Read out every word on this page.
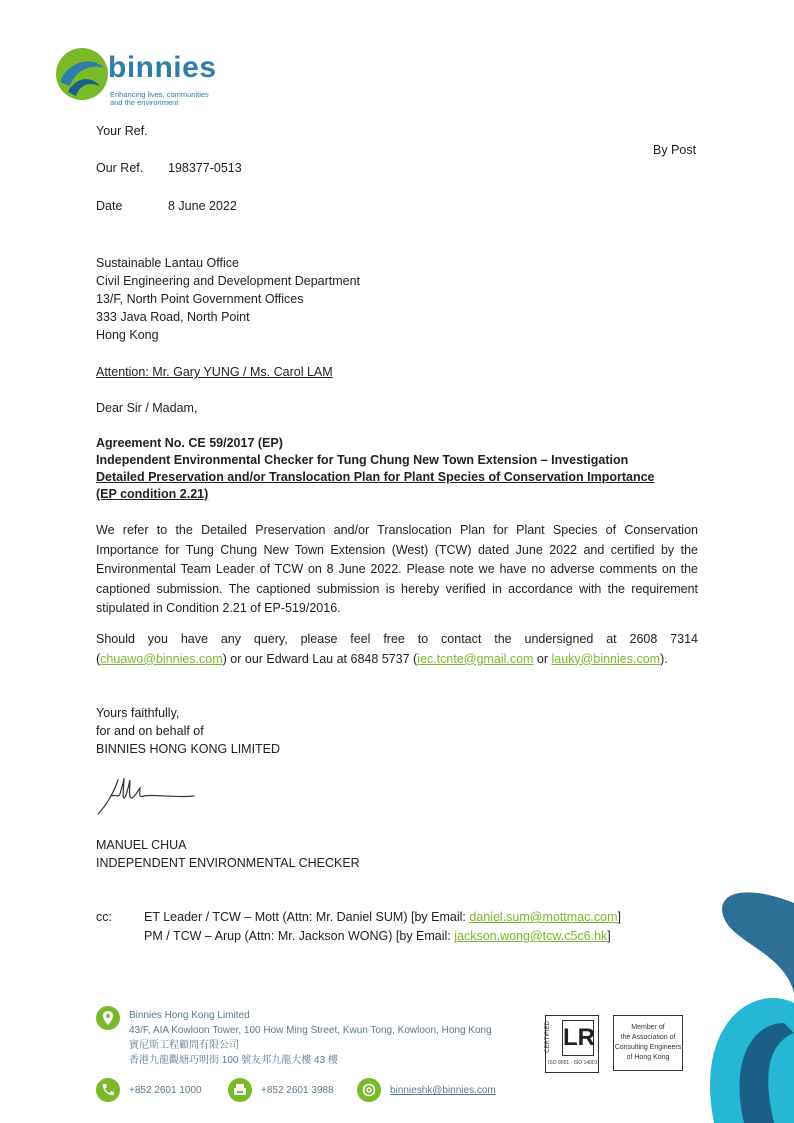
binnies
Enhancing lives, communities
and the environment
Your Ref.
By Post
Our Ref. 198377-0513
Date	8 June 2022
Sustainable Lantau Office
Civil Engineering and Development Department
13/F, North Point Government Offices
333 Java Road, North Point
Hong Kong
Attention: Mr. Gary YUNG / Ms. Carol LAM
Dear Sir / Madam,
Agreement No. CE 59/2017 (EP)
Independent Environmental Checker for Tung Chung New Town Extension – Investigation
Detailed Preservation and/or Translocation Plan for Plant Species of Conservation Importance
(EP condition 2.21)
We refer to the Detailed Preservation and/or Translocation Plan for Plant Species of Conservation Importance for Tung Chung New Town Extension (West) (TCW) dated June 2022 and certified by the Environmental Team Leader of TCW on 8 June 2022. Please note we have no adverse comments on the captioned submission. The captioned submission is hereby verified in accordance with the requirement stipulated in Condition 2.21 of EP-519/2016.
Should you have any query, please feel free to contact the undersigned at 2608 7314 (chuawo@binnies.com) or our Edward Lau at 6848 5737 (iec.tcnte@gmail.com or lauky@binnies.com).
Yours faithfully,
for and on behalf of
BINNIES HONG KONG LIMITED
MANUEL CHUA
INDEPENDENT ENVIRONMENTAL CHECKER
cc:	ET Leader / TCW – Mott (Attn: Mr. Daniel SUM) [by Email: daniel.sum@mottmac.com]
PM / TCW – Arup (Attn: Mr. Jackson WONG) [by Email: jackson.wong@tcw.c5c6.hk]
Binnies Hong Kong Limited
43/F, AIA Kowloon Tower, 100 How Ming Street, Kwun Tong, Kowloon, Hong Kong
賓尼斯工程顧問有限公司
香港九龍觀塘巧明街 100 號友邦九龍大樓 43 樓
+852 2601 1000	+852 2601 3988	binnieshk@binnies.com
CERTIFIED LR
ISO 9001 · ISO 14001
Member of
the Association of
Consulting Engineers
of Hong Kong
